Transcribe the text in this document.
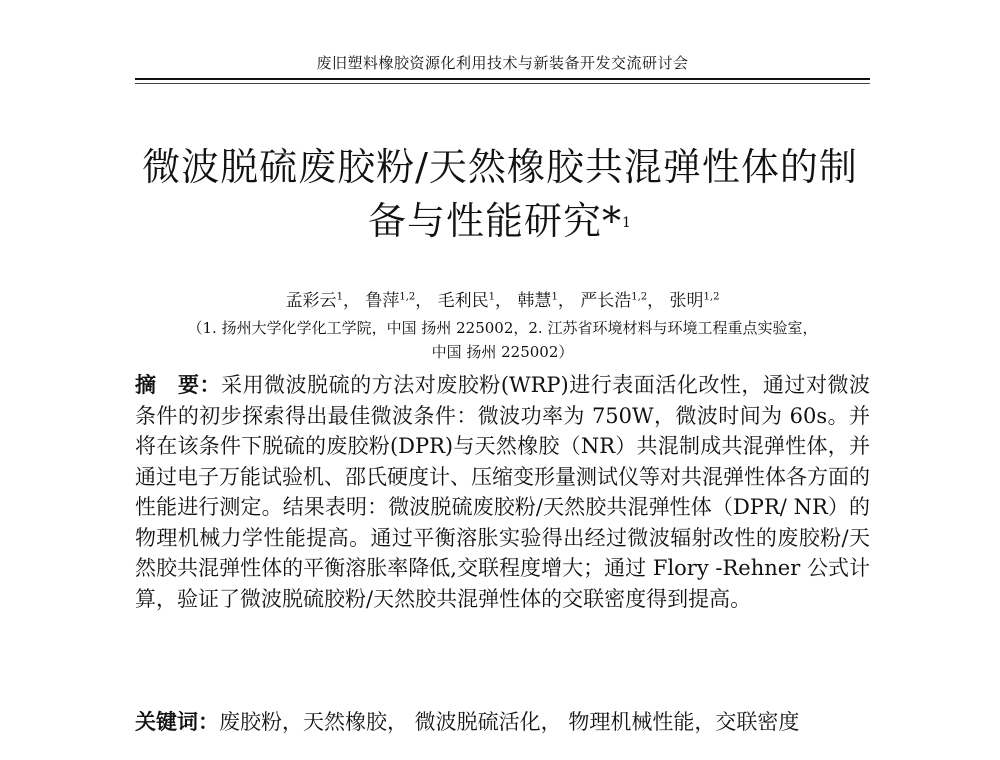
废旧塑料橡胶资源化利用技术与新装备开发交流研讨会
微波脱硫废胶粉/天然橡胶共混弹性体的制
备与性能研究*$^1$
孟彩云$^1$， 鲁萍$^{1,2}$， 毛利民$^1$， 韩慧$^1$， 严长浩$^{1,2}$， 张明$^{1,2}$
（1. 扬州大学化学化工学院，中国 扬州 225002，2. 江苏省环境材料与环境工程重点实验室，
中国 扬州 225002）
摘　要：采用微波脱硫的方法对废胶粉(WRP)进行表面活化改性，通过对微波条件的初步探索得出最佳微波条件：微波功率为 750W，微波时间为 60s。并将在该条件下脱硫的废胶粉(DPR)与天然橡胶（NR）共混制成共混弹性体，并通过电子万能试验机、邵氏硬度计、压缩变形量测试仪等对共混弹性体各方面的性能进行测定。结果表明：微波脱硫废胶粉/天然胶共混弹性体（DPR/ NR）的物理机械力学性能提高。通过平衡溶胀实验得出经过微波辐射改性的废胶粉/天然胶共混弹性体的平衡溶胀率降低,交联程度增大；通过 Flory -Rehner 公式计算，验证了微波脱硫胶粉/天然胶共混弹性体的交联密度得到提高。
关键词：废胶粉，天然橡胶， 微波脱硫活化， 物理机械性能，交联密度
